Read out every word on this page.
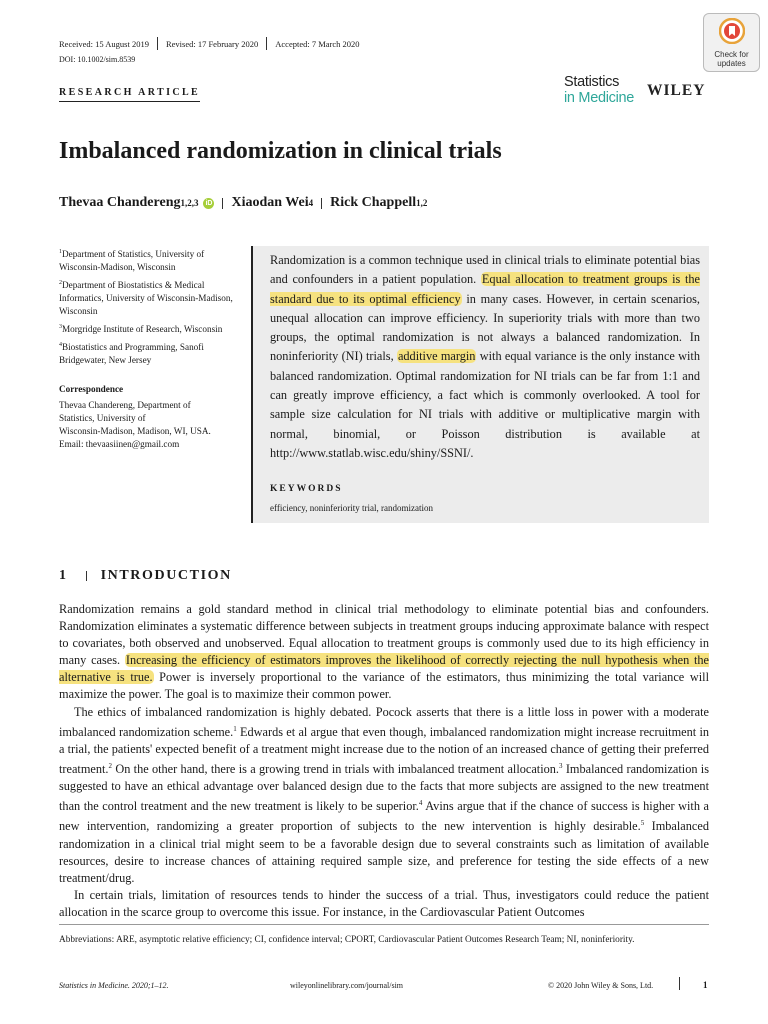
Received: 15 August 2019 Revised: 17 February 2020 Accepted: 7 March 2020
DOI: 10.1002/sim.8539
RESEARCH ARTICLE
Check for
updates
Statistics
in Medicine WILEY
Imbalanced randomization in clinical trials
Thevaa Chandereng 1,2,3 iD Xiaodan Wei 4 Rick Chappell 1,2

$^1$Department of Statistics, University of Wisconsin-Madison, Wisconsin

$^2$Department of Biostatistics & Medical Informatics, University of Wisconsin-Madison, Wisconsin

$^3$Morgridge Institute of Research, Wisconsin

$^4$Biostatistics and Programming, Sanofi Bridgewater, New Jersey

Correspondence

Thevaa Chandereng, Department of
Statistics, University of
Wisconsin-Madison, Madison, WI, USA.
Email: thevaasiinen@gmail.com
Randomization is a common technique used in clinical trials to eliminate potential bias and confounders in a patient population. Equal allocation to treatment groups is the standard due to its optimal efficiency in many cases. However, in certain scenarios, unequal allocation can improve efficiency. In superiority trials with more than two groups, the optimal randomization is not always a balanced randomization. In noninferiority (NI) trials, additive margin with equal variance is the only instance with balanced randomization. Optimal randomization for NI trials can be far from 1:1 and can greatly improve efficiency, a fact which is commonly overlooked. A tool for sample size calculation for NI trials with additive or multiplicative margin with normal, binomial, or Poisson distribution is available at http://www.statlab.wisc.edu/shiny/SSNI/.
KEYWORDS
efficiency, noninferiority trial, randomization
1 INTRODUCTION

Randomization remains a gold standard method in clinical trial methodology to eliminate potential bias and confounders. Randomization eliminates a systematic difference between subjects in treatment groups inducing approximate balance with respect to covariates, both observed and unobserved. Equal allocation to treatment groups is commonly used due to its high efficiency in many cases. Increasing the efficiency of estimators improves the likelihood of correctly rejecting the null hypothesis when the alternative is true. Power is inversely proportional to the variance of the estimators, thus minimizing the total variance will maximize the power. The goal is to maximize their common power.

The ethics of imbalanced randomization is highly debated. Pocock asserts that there is a little loss in power with a moderate imbalanced randomization scheme.$^1$ Edwards et al argue that even though, imbalanced randomization might increase recruitment in a trial, the patients' expected benefit of a treatment might increase due to the notion of an increased chance of getting their preferred treatment.$^2$ On the other hand, there is a growing trend in trials with imbalanced treatment allocation.$^3$ Imbalanced randomization is suggested to have an ethical advantage over balanced design due to the facts that more subjects are assigned to the new treatment than the control treatment and the new treatment is likely to be superior.$^4$ Avins argue that if the chance of success is higher with a new intervention, randomizing a greater proportion of subjects to the new intervention is highly desirable.$^5$ Imbalanced randomization in a clinical trial might seem to be a favorable design due to several constraints such as limitation of available resources, desire to increase chances of attaining required sample size, and preference for testing the side effects of a new treatment/drug.

In certain trials, limitation of resources tends to hinder the success of a trial. Thus, investigators could reduce the patient allocation in the scarce group to overcome this issue. For instance, in the Cardiovascular Patient Outcomes

Abbreviations: ARE, asymptotic relative efficiency; CI, confidence interval; CPORT, Cardiovascular Patient Outcomes Research Team; NI, noninferiority.
Statistics in Medicine. 2020;1–12.	wileyonlinelibrary.com/journal/sim	© 2020 John Wiley & Sons, Ltd.	1
